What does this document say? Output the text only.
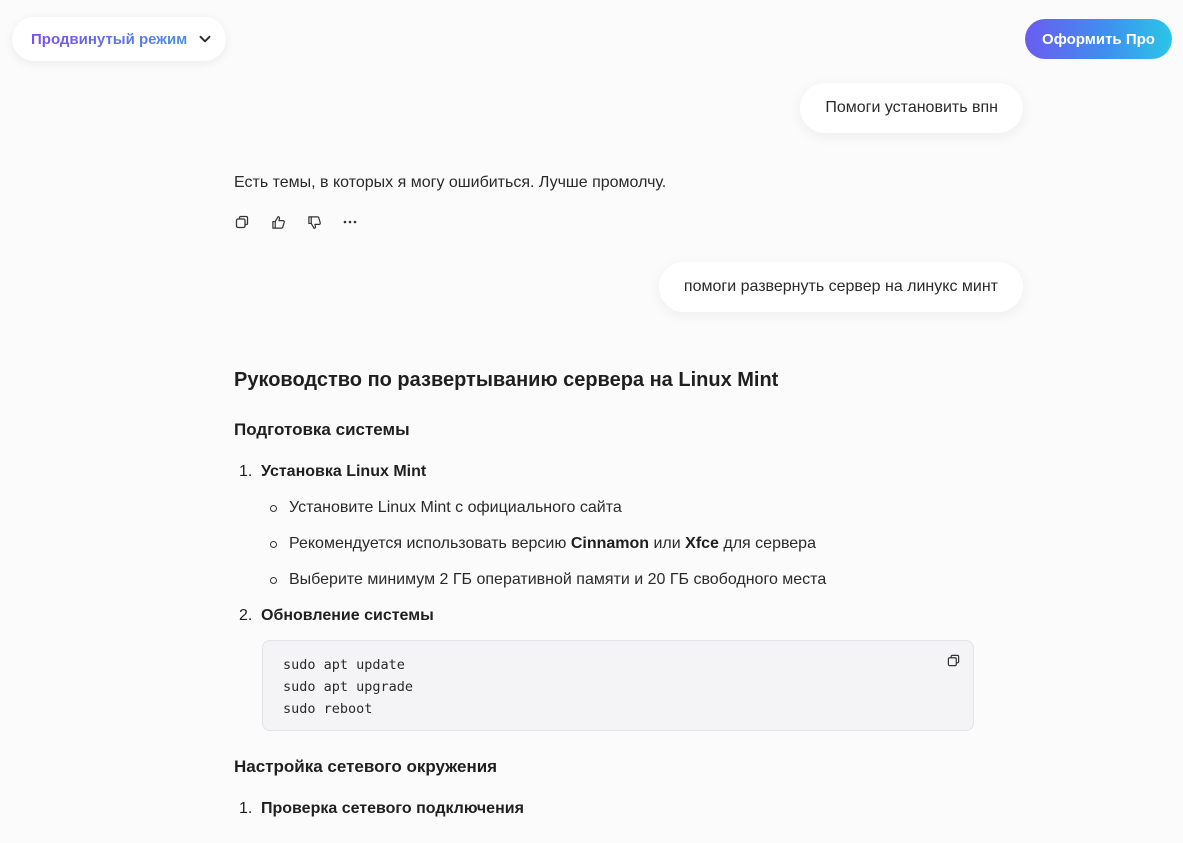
Продвинутый режим	Оформить Про
Помоги установить впн
Есть темы, в которых я могу ошибиться. Лучше промолчу.
помоги развернуть сервер на линукс минт
Руководство по развертыванию сервера на Linux Mint
Подготовка системы
1. Установка Linux Mint
Установите Linux Mint с официального сайта
Рекомендуется использовать версию Cinnamon или Xfce для сервера
Выберите минимум 2 ГБ оперативной памяти и 20 ГБ свободного места
2. Обновление системы
sudo apt update
sudo apt upgrade
sudo reboot
Настройка сетевого окружения
1. Проверка сетевого подключения
